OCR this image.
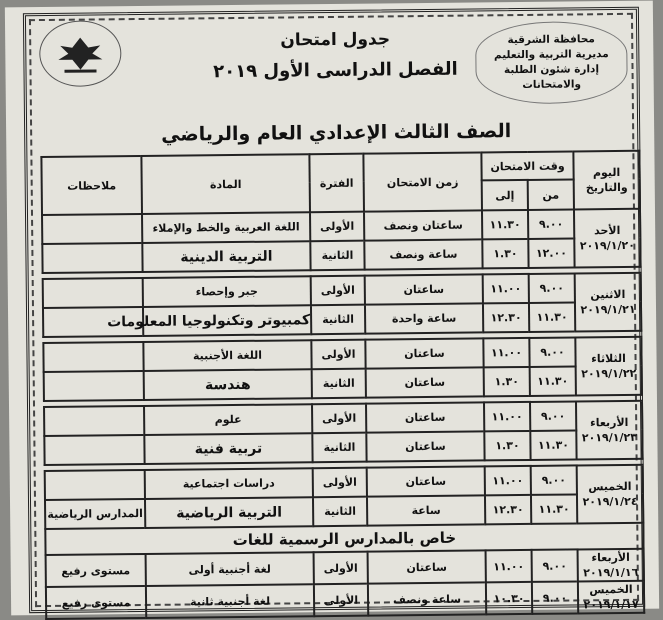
محافظة الشرقية
مديرية التربية والتعليم
إدارة شئون الطلبة والامتحانات
جدول امتحان
الفصل الدراسى الأول ٢٠١٩
الصف الثالث الإعدادي العام والرياضي
اليوم والتاريخ	وقت الامتحان		زمن الامتحان	الفترة	المادة	ملاحظات
	من	إلى				

الأحد
٢٠١٩/١/٢٠	٩.٠٠	١١.٣٠	ساعتان ونصف	الأولى	اللغة العربية والخط والإملاء	
	١٢.٠٠	١.٣٠	ساعة ونصف	الثانية	التربية الدينية	

الاثنين
٢٠١٩/١/٢١	٩.٠٠	١١.٠٠	ساعتان	الأولى	جبر وإحصاء	
	١١.٣٠	١٢.٣٠	ساعة واحدة	الثانية	كمبيوتر وتكنولوجيا المعلومات	

الثلاثاء
٢٠١٩/١/٢٢	٩.٠٠	١١.٠٠	ساعتان	الأولى	اللغة الأجنبية	
	١١.٣٠	١.٣٠	ساعتان	الثانية	هندسة	

الأربعاء
٢٠١٩/١/٢٣	٩.٠٠	١١.٠٠	ساعتان	الأولى	علوم	
	١١.٣٠	١.٣٠	ساعتان	الثانية	تربية فنية	

الخميس
٢٠١٩/١/٢٤	٩.٠٠	١١.٠٠	ساعتان	الأولى	دراسات اجتماعية	
	١١.٣٠	١٢.٣٠	ساعة	الثانية	التربية الرياضية	المدارس الرياضية
خاص بالمدارس الرسمية للغات						

الأربعاء
٢٠١٩/١/١٦	٩.٠٠	١١.٠٠	ساعتان	الأولى	لغة أجنبية أولى	مستوى رفيع

الخميس
٢٠١٩/١/١٧	٩.٠٠	١٠.٣٠	ساعة ونصف	الأولى	لغة أجنبية ثانية	مستوى رفيع
